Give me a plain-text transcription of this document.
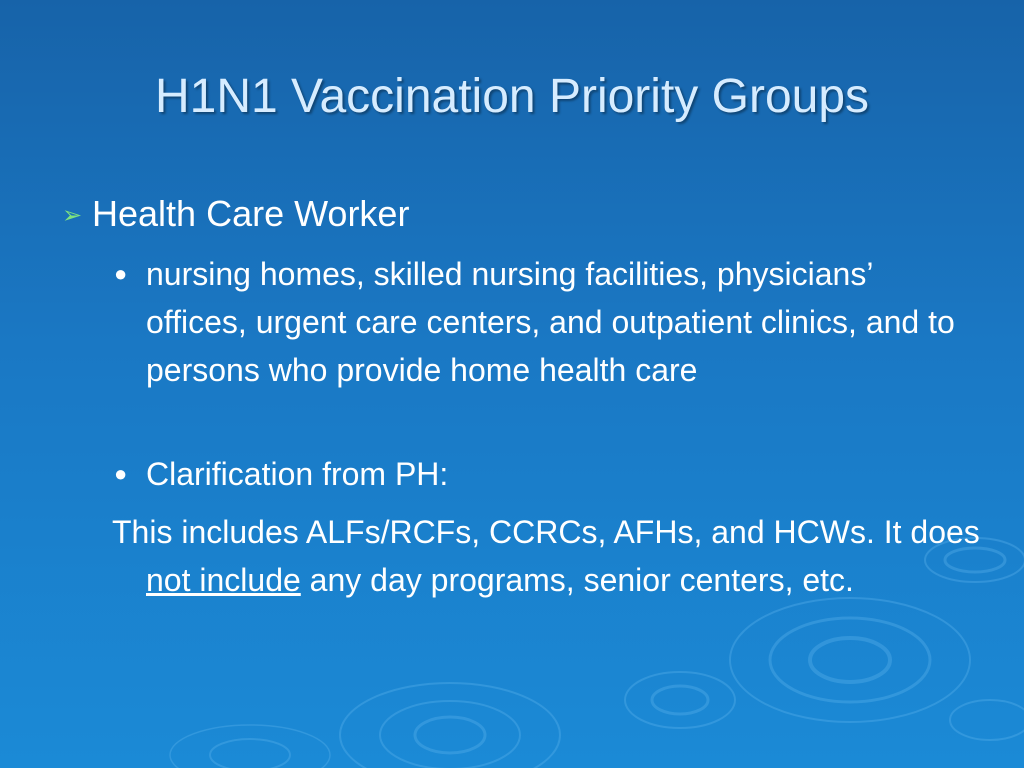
H1N1 Vaccination Priority Groups
➢ Health Care Worker
● nursing homes, skilled nursing facilities, physicians’ offices, urgent care centers, and outpatient clinics, and to persons who provide home health care
● Clarification from PH:
This includes ALFs/RCFs, CCRCs, AFHs, and HCWs. It does not include any day programs, senior centers, etc.
